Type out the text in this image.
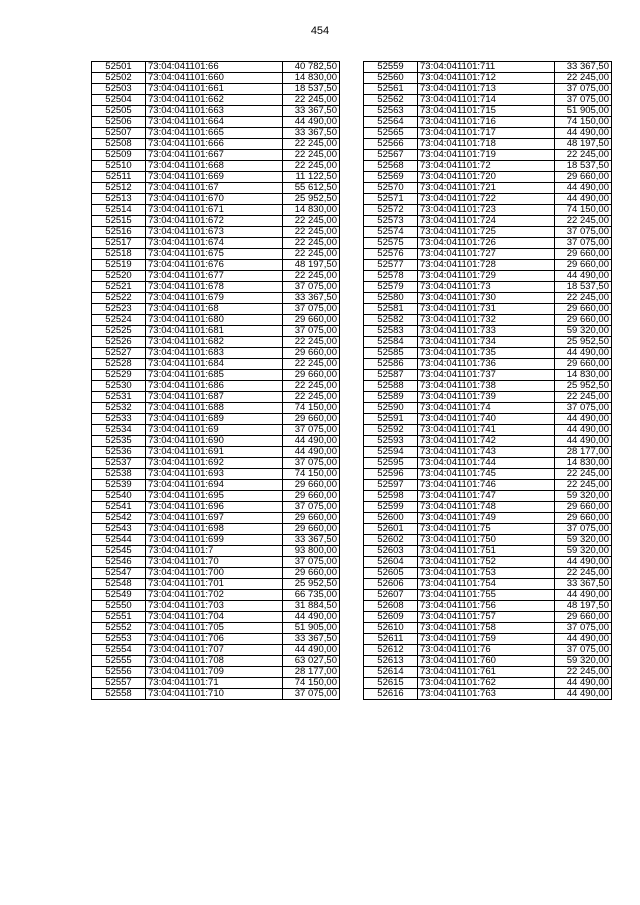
454
52501	73:04:041101:66	40 782,50
52502	73:04:041101:660	14 830,00
52503	73:04:041101:661	18 537,50
52504	73:04:041101:662	22 245,00
52505	73:04:041101:663	33 367,50
52506	73:04:041101:664	44 490,00
52507	73:04:041101:665	33 367,50
52508	73:04:041101:666	22 245,00
52509	73:04:041101:667	22 245,00
52510	73:04:041101:668	22 245,00
52511	73:04:041101:669	11 122,50
52512	73:04:041101:67	55 612,50
52513	73:04:041101:670	25 952,50
52514	73:04:041101:671	14 830,00
52515	73:04:041101:672	22 245,00
52516	73:04:041101:673	22 245,00
52517	73:04:041101:674	22 245,00
52518	73:04:041101:675	22 245,00
52519	73:04:041101:676	48 197,50
52520	73:04:041101:677	22 245,00
52521	73:04:041101:678	37 075,00
52522	73:04:041101:679	33 367,50
52523	73:04:041101:68	37 075,00
52524	73:04:041101:680	29 660,00
52525	73:04:041101:681	37 075,00
52526	73:04:041101:682	22 245,00
52527	73:04:041101:683	29 660,00
52528	73:04:041101:684	22 245,00
52529	73:04:041101:685	29 660,00
52530	73:04:041101:686	22 245,00
52531	73:04:041101:687	22 245,00
52532	73:04:041101:688	74 150,00
52533	73:04:041101:689	29 660,00
52534	73:04:041101:69	37 075,00
52535	73:04:041101:690	44 490,00
52536	73:04:041101:691	44 490,00
52537	73:04:041101:692	37 075,00
52538	73:04:041101:693	74 150,00
52539	73:04:041101:694	29 660,00
52540	73:04:041101:695	29 660,00
52541	73:04:041101:696	37 075,00
52542	73:04:041101:697	29 660,00
52543	73:04:041101:698	29 660,00
52544	73:04:041101:699	33 367,50
52545	73:04:041101:7	93 800,00
52546	73:04:041101:70	37 075,00
52547	73:04:041101:700	29 660,00
52548	73:04:041101:701	25 952,50
52549	73:04:041101:702	66 735,00
52550	73:04:041101:703	31 884,50
52551	73:04:041101:704	44 490,00
52552	73:04:041101:705	51 905,00
52553	73:04:041101:706	33 367,50
52554	73:04:041101:707	44 490,00
52555	73:04:041101:708	63 027,50
52556	73:04:041101:709	28 177,00
52557	73:04:041101:71	74 150,00
52558	73:04:041101:710	37 075,00
52559	73:04:041101:711	33 367,50
52560	73:04:041101:712	22 245,00
52561	73:04:041101:713	37 075,00
52562	73:04:041101:714	37 075,00
52563	73:04:041101:715	51 905,00
52564	73:04:041101:716	74 150,00
52565	73:04:041101:717	44 490,00
52566	73:04:041101:718	48 197,50
52567	73:04:041101:719	22 245,00
52568	73:04:041101:72	18 537,50
52569	73:04:041101:720	29 660,00
52570	73:04:041101:721	44 490,00
52571	73:04:041101:722	44 490,00
52572	73:04:041101:723	74 150,00
52573	73:04:041101:724	22 245,00
52574	73:04:041101:725	37 075,00
52575	73:04:041101:726	37 075,00
52576	73:04:041101:727	29 660,00
52577	73:04:041101:728	29 660,00
52578	73:04:041101:729	44 490,00
52579	73:04:041101:73	18 537,50
52580	73:04:041101:730	22 245,00
52581	73:04:041101:731	29 660,00
52582	73:04:041101:732	29 660,00
52583	73:04:041101:733	59 320,00
52584	73:04:041101:734	25 952,50
52585	73:04:041101:735	44 490,00
52586	73:04:041101:736	29 660,00
52587	73:04:041101:737	14 830,00
52588	73:04:041101:738	25 952,50
52589	73:04:041101:739	22 245,00
52590	73:04:041101:74	37 075,00
52591	73:04:041101:740	44 490,00
52592	73:04:041101:741	44 490,00
52593	73:04:041101:742	44 490,00
52594	73:04:041101:743	28 177,00
52595	73:04:041101:744	14 830,00
52596	73:04:041101:745	22 245,00
52597	73:04:041101:746	22 245,00
52598	73:04:041101:747	59 320,00
52599	73:04:041101:748	29 660,00
52600	73:04:041101:749	29 660,00
52601	73:04:041101:75	37 075,00
52602	73:04:041101:750	59 320,00
52603	73:04:041101:751	59 320,00
52604	73:04:041101:752	44 490,00
52605	73:04:041101:753	22 245,00
52606	73:04:041101:754	33 367,50
52607	73:04:041101:755	44 490,00
52608	73:04:041101:756	48 197,50
52609	73:04:041101:757	29 660,00
52610	73:04:041101:758	37 075,00
52611	73:04:041101:759	44 490,00
52612	73:04:041101:76	37 075,00
52613	73:04:041101:760	59 320,00
52614	73:04:041101:761	22 245,00
52615	73:04:041101:762	44 490,00
52616	73:04:041101:763	44 490,00
